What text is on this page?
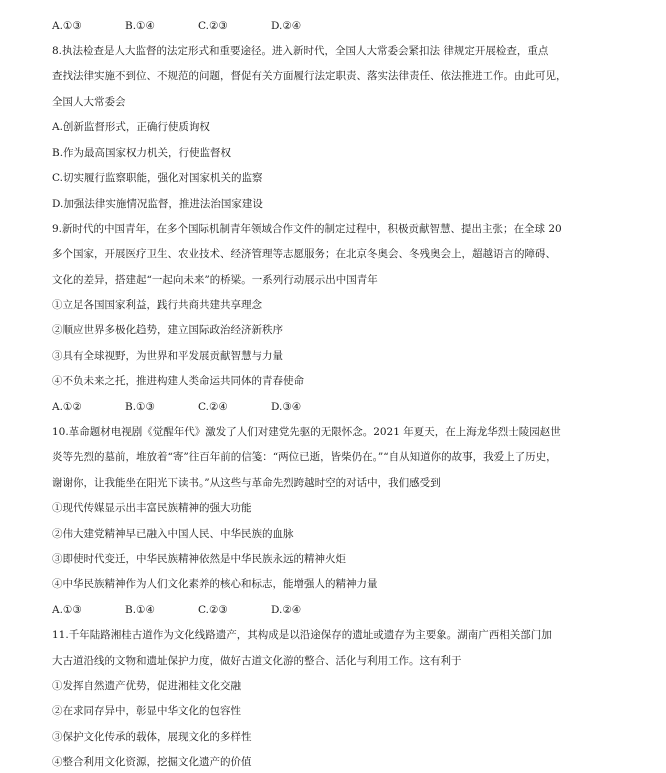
A.①③	B.①④	C.②③	D.②④
8.执法检查是人大监督的法定形式和重要途径。进入新时代，全国人大常委会紧扣法 律规定开展检查，重点
查找法律实施不到位、不规范的问题，督促有关方面履行法定职责、落实法律责任、依法推进工作。由此可见，
全国人大常委会
A.创新监督形式，正确行使质询权
B.作为最高国家权力机关，行使监督权
C.切实履行监察职能，强化对国家机关的监察
D.加强法律实施情况监督，推进法治国家建设
9.新时代的中国青年，在多个国际机制青年领域合作文件的制定过程中，积极贡献智慧、提出主张；在全球 20
多个国家，开展医疗卫生、农业技术、经济管理等志愿服务；在北京冬奥会、冬残奥会上，超越语言的障碍、
文化的差异，搭建起“一起向未来”的桥梁。一系列行动展示出中国青年
①立足各国国家利益，践行共商共建共享理念
②顺应世界多极化趋势，建立国际政治经济新秩序
③具有全球视野，为世界和平发展贡献智慧与力量
④不负未来之托，推进构建人类命运共同体的青春使命
A.①②	B.①③	C.②④	D.③④
10.革命题材电视剧《觉醒年代》激发了人们对建党先驱的无限怀念。2021 年夏天，在上海龙华烈士陵园赵世
炎等先烈的墓前，堆放着“寄”往百年前的信笺：“两位已逝，皆柴仍在。”“自从知道你的故事，我爱上了历史，
谢谢你，让我能坐在阳光下读书。”从这些与革命先烈跨越时空的对话中，我们感受到
①现代传媒显示出丰富民族精神的强大功能
②伟大建党精神早已融入中国人民、中华民族的血脉
③即使时代变迁，中华民族精神依然是中华民族永远的精神火炬
④中华民族精神作为人们文化素养的核心和标志，能增强人的精神力量
A.①③	B.①④	C.②③	D.②④
11.千年陆路湘桂古道作为文化线路遗产，其构成是以沿途保存的遗址或遗存为主要象。湖南广西相关部门加
大古道沿线的文物和遗址保护力度，做好古道文化游的整合、活化与利用工作。这有利于
①发挥自然遗产优势，促进湘桂文化交融
②在求同存异中，彰显中华文化的包容性
③保护文化传承的载体，展现文化的多样性
④整合利用文化资源，挖掘文化遗产的价值
